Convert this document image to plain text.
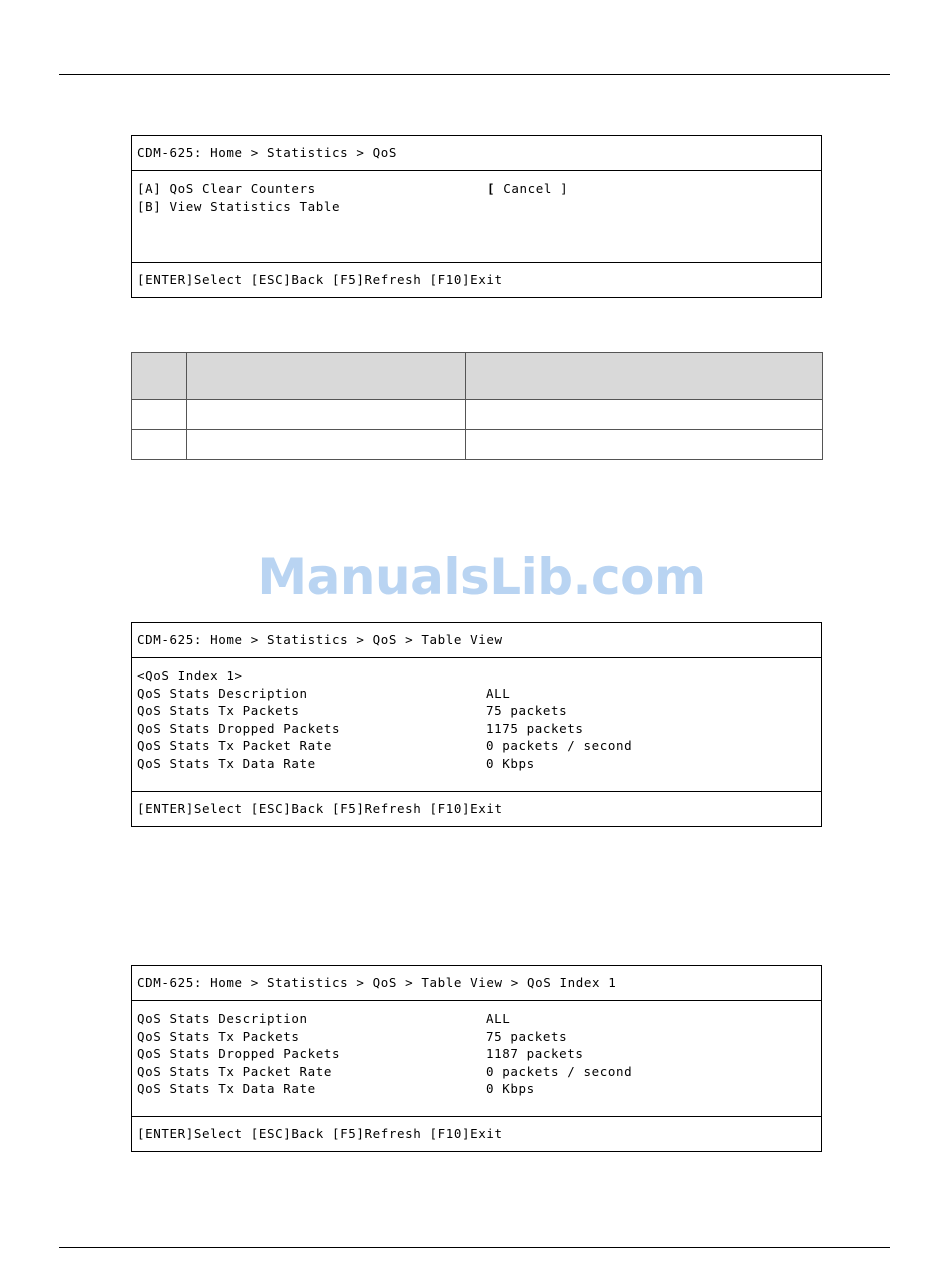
CDM-625: Home > Statistics > QoS
[A] QoS Clear Counters
[B] View Statistics Table
[ Cancel ]
[ENTER]Select [ESC]Back [F5]Refresh [F10]Exit

ManualsLib.com
CDM-625: Home > Statistics > QoS > Table View
<QoS Index 1>
QoS Stats Description	ALL
QoS Stats Tx Packets	75 packets
QoS Stats Dropped Packets	1175 packets
QoS Stats Tx Packet Rate	0 packets / second
QoS Stats Tx Data Rate	0 Kbps
[ENTER]Select [ESC]Back [F5]Refresh [F10]Exit
CDM-625: Home > Statistics > QoS > Table View > QoS Index 1
QoS Stats Description	ALL
QoS Stats Tx Packets	75 packets
QoS Stats Dropped Packets	1187 packets
QoS Stats Tx Packet Rate	0 packets / second
QoS Stats Tx Data Rate	0 Kbps
[ENTER]Select [ESC]Back [F5]Refresh [F10]Exit
